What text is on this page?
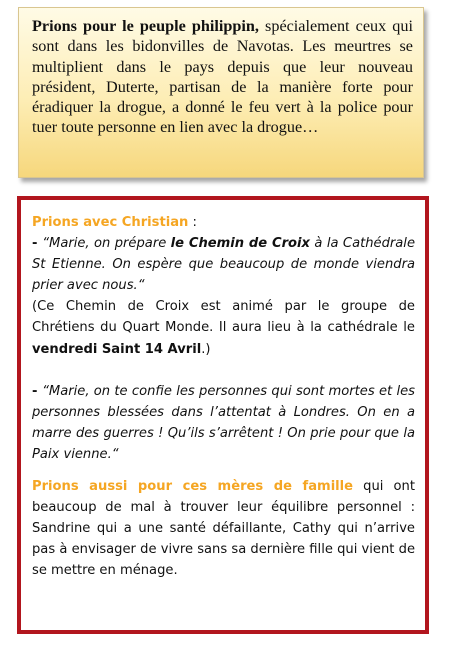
Prions pour le peuple philippin, spécialement ceux qui sont dans les bidonvilles de Navotas. Les meurtres se multiplient dans le pays depuis que leur nouveau président, Duterte, partisan de la manière forte pour éradiquer la drogue, a donné le feu vert à la police pour tuer toute personne en lien avec la drogue…

Prions avec Christian :

- “Marie, on prépare le Chemin de Croix à la Cathédrale St Etienne. On espère que beaucoup de monde viendra prier avec nous.“

(Ce Chemin de Croix est animé par le groupe de Chrétiens du Quart Monde. Il aura lieu à la cathédrale le vendredi Saint 14 Avril.)

- “Marie, on te confie les personnes qui sont mortes et les personnes blessées dans l’attentat à Londres. On en a marre des guerres ! Qu’ils s’arrêtent ! On prie pour que la Paix vienne.“

Prions aussi pour ces mères de famille qui ont beaucoup de mal à trouver leur équilibre personnel : Sandrine qui a une santé défaillante, Cathy qui n’arrive pas à envisager de vivre sans sa dernière fille qui vient de se mettre en ménage.
